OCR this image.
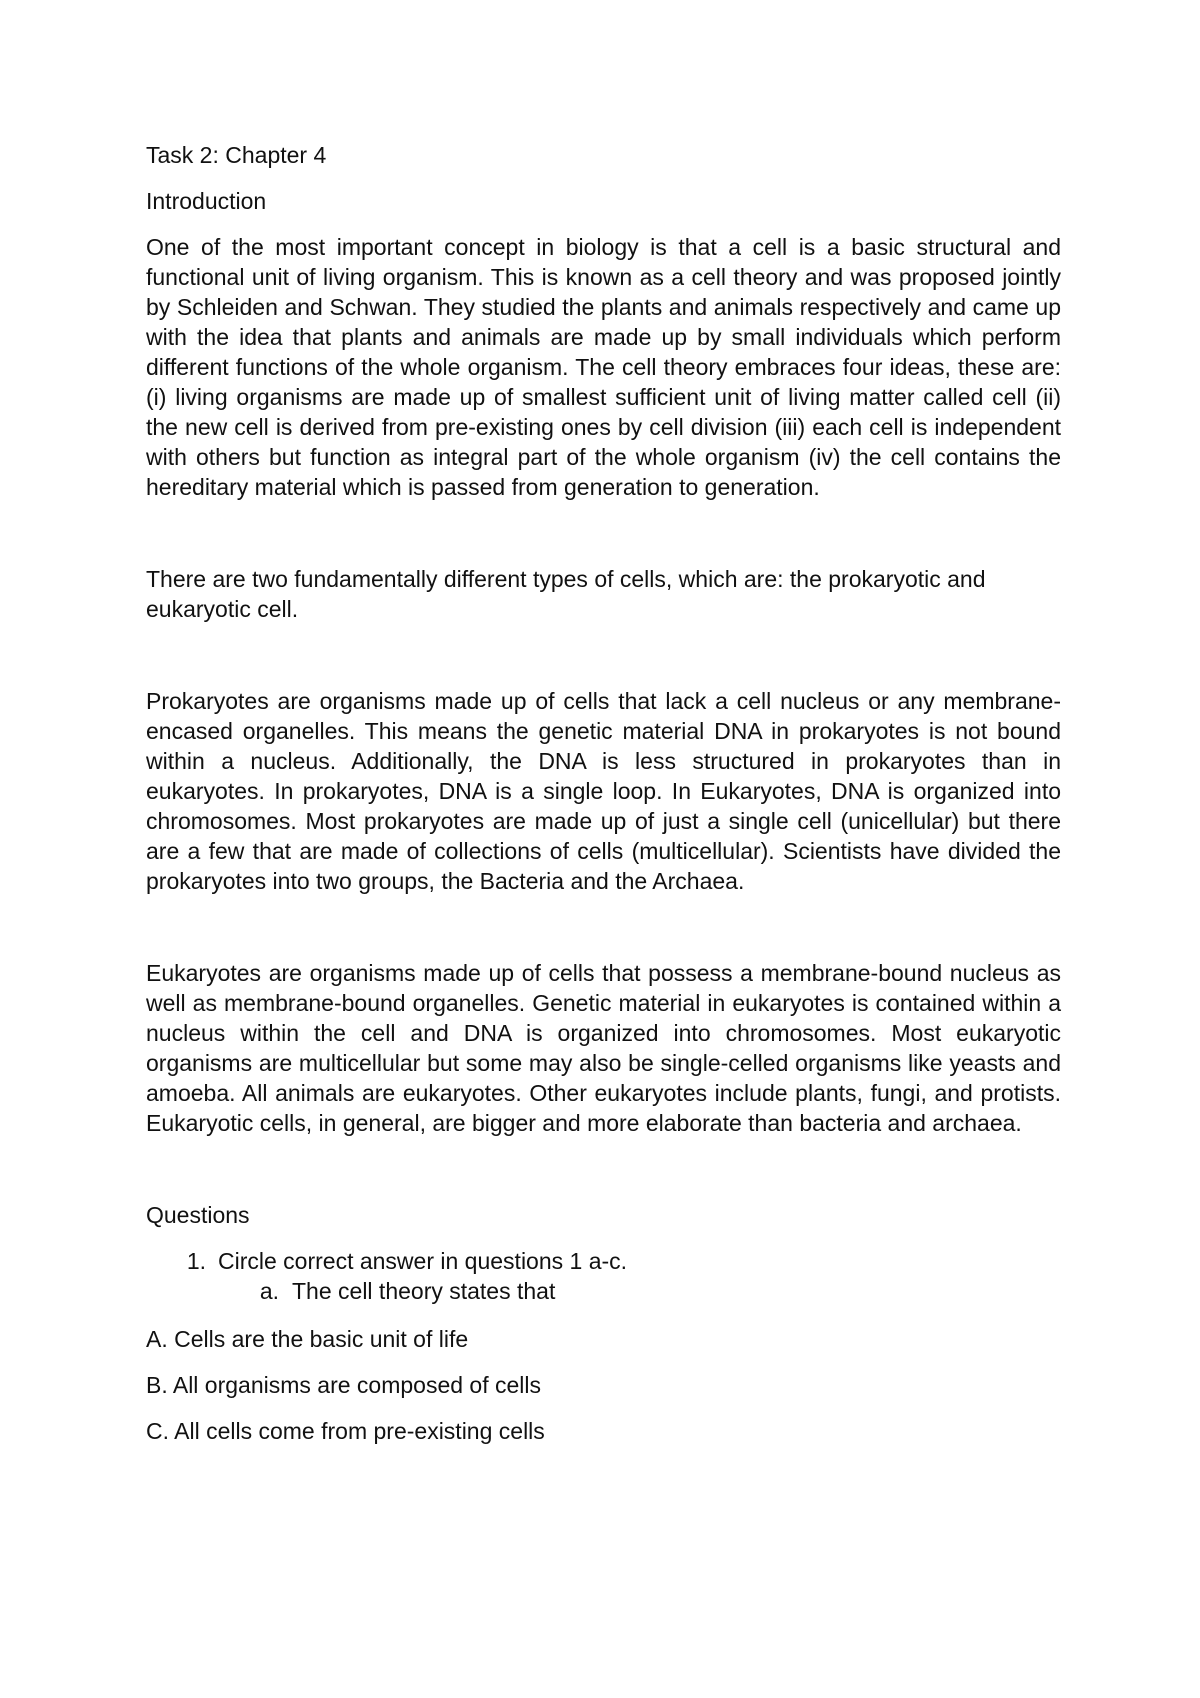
Task 2: Chapter 4

Introduction

One of the most important concept in biology is that a cell is a basic structural and functional unit of living organism. This is known as a cell theory and was proposed jointly by Schleiden and Schwan. They studied the plants and animals respectively and came up with the idea that plants and animals are made up by small individuals which perform different functions of the whole organism. The cell theory embraces four ideas, these are: (i) living organisms are made up of smallest sufficient unit of living matter called cell (ii) the new cell is derived from pre-existing ones by cell division (iii) each cell is independent with others but function as integral part of the whole organism (iv) the cell contains the hereditary material which is passed from generation to generation.

There are two fundamentally different types of cells, which are: the prokaryotic and eukaryotic cell.

Prokaryotes are organisms made up of cells that lack a cell nucleus or any membrane-encased organelles. This means the genetic material DNA in prokaryotes is not bound within a nucleus. Additionally, the DNA is less structured in prokaryotes than in eukaryotes. In prokaryotes, DNA is a single loop. In Eukaryotes, DNA is organized into chromosomes. Most prokaryotes are made up of just a single cell (unicellular) but there are a few that are made of collections of cells (multicellular). Scientists have divided the prokaryotes into two groups, the Bacteria and the Archaea.

Eukaryotes are organisms made up of cells that possess a membrane-bound nucleus as well as membrane-bound organelles. Genetic material in eukaryotes is contained within a nucleus within the cell and DNA is organized into chromosomes. Most eukaryotic organisms are multicellular but some may also be single-celled organisms like yeasts and amoeba. All animals are eukaryotes. Other eukaryotes include plants, fungi, and protists. Eukaryotic cells, in general, are bigger and more elaborate than bacteria and archaea.

Questions

1. Circle correct answer in questions 1 a-c.
a. The cell theory states that

A. Cells are the basic unit of life

B. All organisms are composed of cells

C. All cells come from pre-existing cells
